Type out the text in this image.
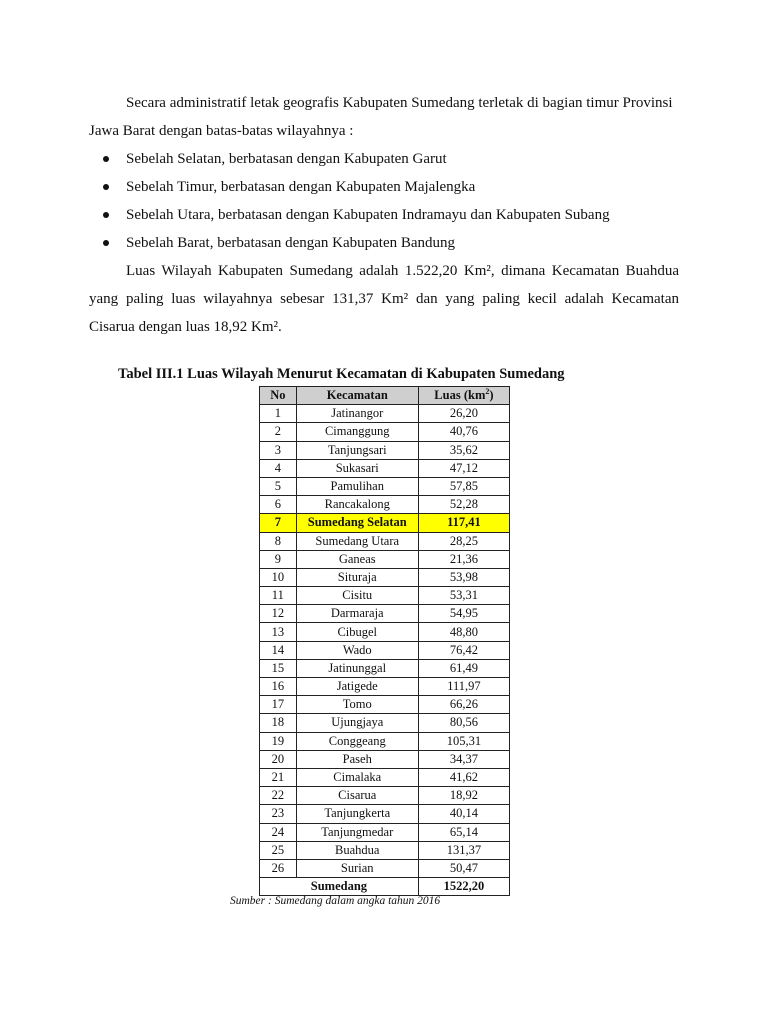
Secara administratif letak geografis Kabupaten Sumedang terletak di bagian timur Provinsi
Jawa Barat dengan batas-batas wilayahnya :

Sebelah Selatan, berbatasan dengan Kabupaten Garut
Sebelah Timur, berbatasan dengan Kabupaten Majalengka
Sebelah Utara, berbatasan dengan Kabupaten Indramayu dan Kabupaten Subang
Sebelah Barat, berbatasan dengan Kabupaten Bandung

Luas Wilayah Kabupaten Sumedang adalah 1.522,20 Km², dimana Kecamatan Buahdua yang paling luas wilayahnya sebesar 131,37 Km² dan yang paling kecil adalah Kecamatan Cisarua dengan luas 18,92 Km².

Tabel III.1 Luas Wilayah Menurut Kecamatan di Kabupaten Sumedang
No	Kecamatan	Luas $(km^2)$
1	Jatinangor	26,20
2	Cimanggung	40,76
3	Tanjungsari	35,62
4	Sukasari	47,12
5	Pamulihan	57,85
6	Rancakalong	52,28
7	Sumedang Selatan	117,41
8	Sumedang Utara	28,25
9	Ganeas	21,36
10	Situraja	53,98
11	Cisitu	53,31
12	Darmaraja	54,95
13	Cibugel	48,80
14	Wado	76,42
15	Jatinunggal	61,49
16	Jatigede	111,97
17	Tomo	66,26
18	Ujungjaya	80,56
19	Conggeang	105,31
20	Paseh	34,37
21	Cimalaka	41,62
22	Cisarua	18,92
23	Tanjungkerta	40,14
24	Tanjungmedar	65,14
25	Buahdua	131,37
26	Surian	50,47
Sumedang		1522,20
Sumber : Sumedang dalam angka tahun 2016
